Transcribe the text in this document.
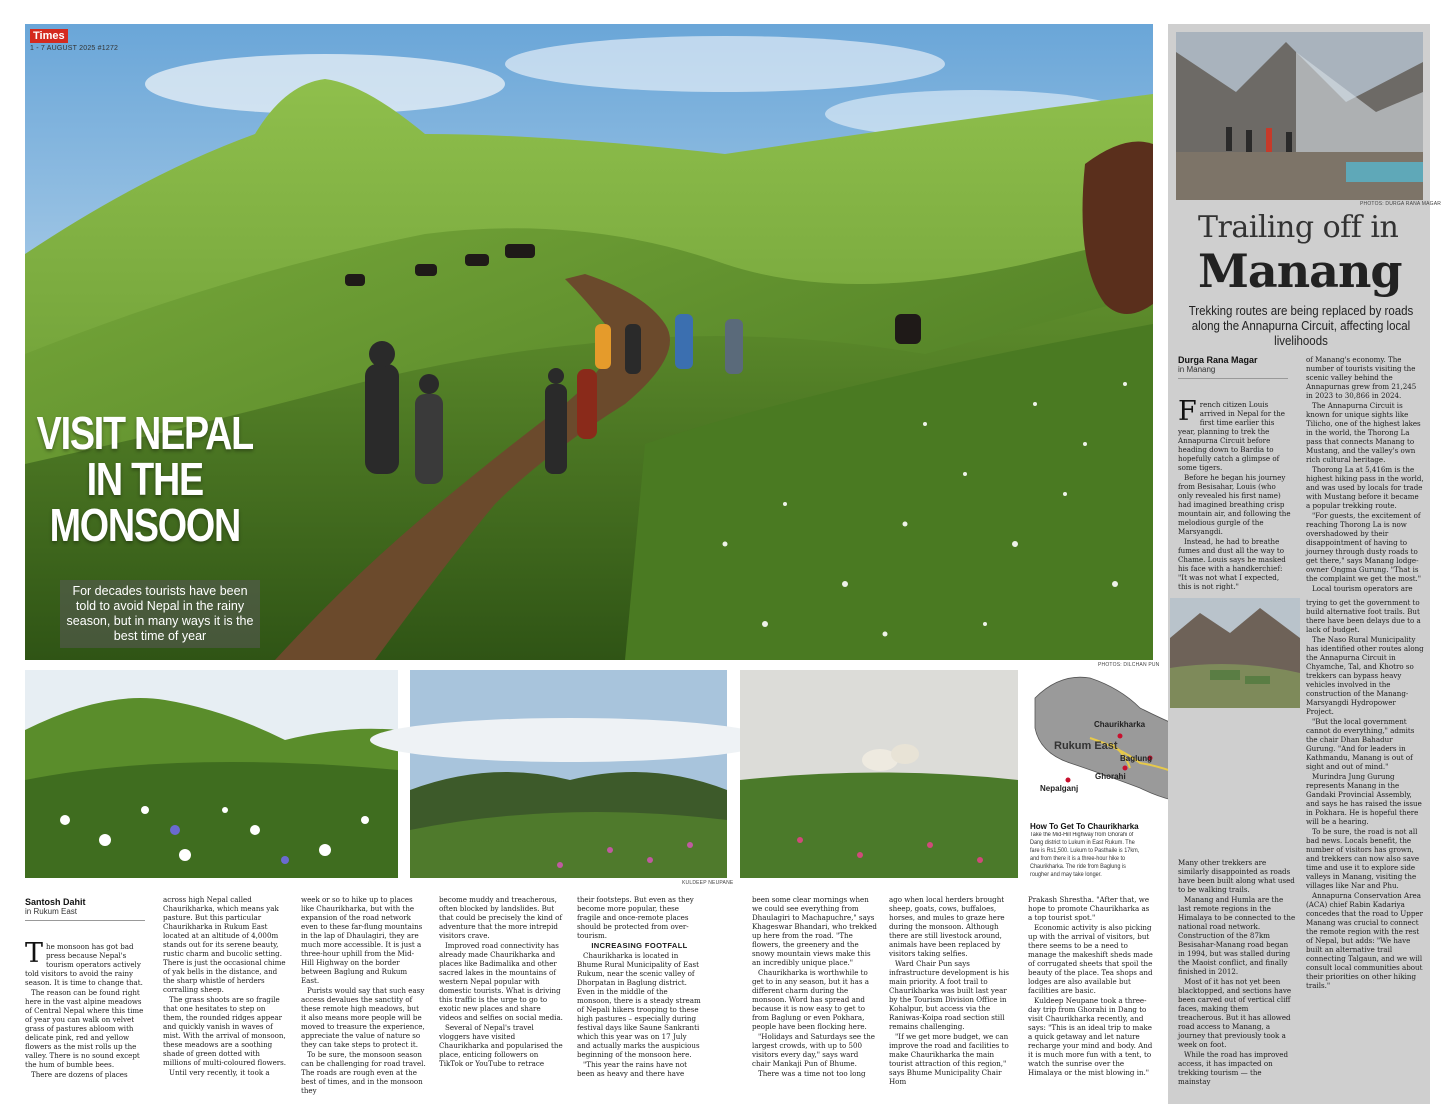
Times
1 - 7 AUGUST 2025 #1272
VISIT NEPAL
IN THE
MONSOON
For decades tourists have been told to avoid Nepal in the rainy season, but in many ways it is the best time of year
PHOTOS: DILCHAN PUN
KULDEEP NEUPANE
Chaurikharka
Rukum East
Baglung
Ghorahi
Nepalganj
How To Get To Chaurikharka
Take the Mid-Hill Highway from Ghorahi of Dang district to Lukum in East Rukum. The fare is Rs1,500. Lukum to Pasthaile is 17km, and from there it is a three-hour hike to Chaurikharka. The ride from Baglung is rougher and may take longer.
Santosh Dahit
in Rukum East

The monsoon has got bad press because Nepal's tourism operators actively told visitors to avoid the rainy season. It is time to change that.

The reason can be found right here in the vast alpine meadows of Central Nepal where this time of year you can walk on velvet grass of pastures abloom with delicate pink, red and yellow flowers as the mist rolls up the valley. There is no sound except the hum of bumble bees.

There are dozens of places

across high Nepal called Chaurikharka, which means yak pasture. But this particular Chaurikharka in Rukum East located at an altitude of 4,000m stands out for its serene beauty, rustic charm and bucolic setting. There is just the occasional chime of yak bells in the distance, and the sharp whistle of herders corralling sheep.

The grass shoots are so fragile that one hesitates to step on them, the rounded ridges appear and quickly vanish in waves of mist. With the arrival of monsoon, these meadows are a soothing shade of green dotted with millions of multi-coloured flowers.

Until very recently, it took a

week or so to hike up to places like Chaurikharka, but with the expansion of the road network even to these far-flung mountains in the lap of Dhaulagiri, they are much more accessible. It is just a three-hour uphill from the Mid-Hill Highway on the border between Baglung and Rukum East.

Purists would say that such easy access devalues the sanctity of these remote high meadows, but it also means more people will be moved to treasure the experience, appreciate the value of nature so they can take steps to protect it.

To be sure, the monsoon season can be challenging for road travel. The roads are rough even at the best of times, and in the monsoon they

become muddy and treacherous, often blocked by landslides. But that could be precisely the kind of adventure that the more intrepid visitors crave.

Improved road connectivity has already made Chaurikharka and places like Badimalika and other sacred lakes in the mountains of western Nepal popular with domestic tourists. What is driving this traffic is the urge to go to exotic new places and share videos and selfies on social media.

Several of Nepal's travel vloggers have visited Chaurikharka and popularised the place, enticing followers on TikTok or YouTube to retrace

their footsteps. But even as they become more popular, these fragile and once-remote places should be protected from over-tourism.

INCREASING FOOTFALL

Chaurikharka is located in Bhume Rural Municipality of East Rukum, near the scenic valley of Dhorpatan in Baglung district. Even in the middle of the monsoon, there is a steady stream of Nepali hikers trooping to these high pastures – especially during festival days like Saune Sankranti which this year was on 17 July and actually marks the auspicious beginning of the monsoon here.

"This year the rains have not been as heavy and there have

been some clear mornings when we could see everything from Dhaulagiri to Machapuchre," says Khageswar Bhandari, who trekked up here from the road. "The flowers, the greenery and the snowy mountain views make this an incredibly unique place."

Chaurikharka is worthwhile to get to in any season, but it has a different charm during the monsoon. Word has spread and because it is now easy to get to from Baglung or even Pokhara, people have been flocking here.

"Holidays and Saturdays see the largest crowds, with up to 500 visitors every day," says ward chair Mankaji Pun of Bhume.

There was a time not too long

ago when local herders brought sheep, goats, cows, buffaloes, horses, and mules to graze here during the monsoon. Although there are still livestock around, animals have been replaced by visitors taking selfies.

Ward Chair Pun says infrastructure development is his main priority. A foot trail to Chaurikharka was built last year by the Tourism Division Office in Kohalpur, but access via the Raniwas-Koipa road section still remains challenging.

"If we get more budget, we can improve the road and facilities to make Chaurikharka the main tourist attraction of this region," says Bhume Municipality Chair Hom

Prakash Shrestha. "After that, we hope to promote Chaurikharka as a top tourist spot."

Economic activity is also picking up with the arrival of visitors, but there seems to be a need to manage the makeshift sheds made of corrugated sheets that spoil the beauty of the place. Tea shops and lodges are also available but facilities are basic.

Kuldeep Neupane took a three-day trip from Ghorahi in Dang to visit Chaurikharka recently, and says: "This is an ideal trip to make a quick getaway and let nature recharge your mind and body. And it is much more fun with a tent, to watch the sunrise over the Himalaya or the mist blowing in."

PHOTOS: DURGA RANA MAGAR
Trailing off in
Manang
Trekking routes are being replaced by roads along the Annapurna Circuit, affecting local livelihoods
Durga Rana Magar
in Manang

French citizen Louis arrived in Nepal for the first time earlier this year, planning to trek the Annapurna Circuit before heading down to Bardia to hopefully catch a glimpse of some tigers.

Before he began his journey from Besisahar, Louis (who only revealed his first name) had imagined breathing crisp mountain air, and following the melodious gurgle of the Marsyangdi.

Instead, he had to breathe fumes and dust all the way to Chame. Louis says he masked his face with a handkerchief: "It was not what I expected, this is not right."

of Manang's economy. The number of tourists visiting the scenic valley behind the Annapurnas grew from 21,245 in 2023 to 30,866 in 2024.

The Annapurna Circuit is known for unique sights like Tilicho, one of the highest lakes in the world, the Thorong La pass that connects Manang to Mustang, and the valley's own rich cultural heritage.

Thorong La at 5,416m is the highest hiking pass in the world, and was used by locals for trade with Mustang before it became a popular trekking route.

"For guests, the excitement of reaching Thorong La is now overshadowed by their disappointment of having to journey through dusty roads to get there," says Manang lodge-owner Ongma Gurung. "That is the complaint we get the most."

Local tourism operators are

trying to get the government to build alternative foot trails. But there have been delays due to a lack of budget.

The Naso Rural Municipality has identified other routes along the Annapurna Circuit in Chyamche, Tal, and Khotro so trekkers can bypass heavy vehicles involved in the construction of the Manang-Marsyangdi Hydropower Project.

"But the local government cannot do everything," admits the chair Dhan Bahadur Gurung. "And for leaders in Kathmandu, Manang is out of sight and out of mind."

Murindra Jung Gurung represents Manang in the Gandaki Provincial Assembly, and says he has raised the issue in Pokhara. He is hopeful there will be a hearing.

To be sure, the road is not all bad news. Locals benefit, the number of visitors has grown, and trekkers can now also save time and use it to explore side valleys in Manang, visiting the villages like Nar and Phu.

Annapurna Conservation Area (ACA) chief Rabin Kadariya concedes that the road to Upper Manang was crucial to connect the remote region with the rest of Nepal, but adds: "We have built an alternative trail connecting Talgaun, and we will consult local communities about their priorities on other hiking trails."

Many other trekkers are similarly disappointed as roads have been built along what used to be walking trails.

Manang and Humla are the last remote regions in the Himalaya to be connected to the national road network. Construction of the 87km Besisahar-Manang road began in 1994, but was stalled during the Maoist conflict, and finally finished in 2012.

Most of it has not yet been blacktopped, and sections have been carved out of vertical cliff faces, making them treacherous. But it has allowed road access to Manang, a journey that previously took a week on foot.

While the road has improved access, it has impacted on trekking tourism — the mainstay
